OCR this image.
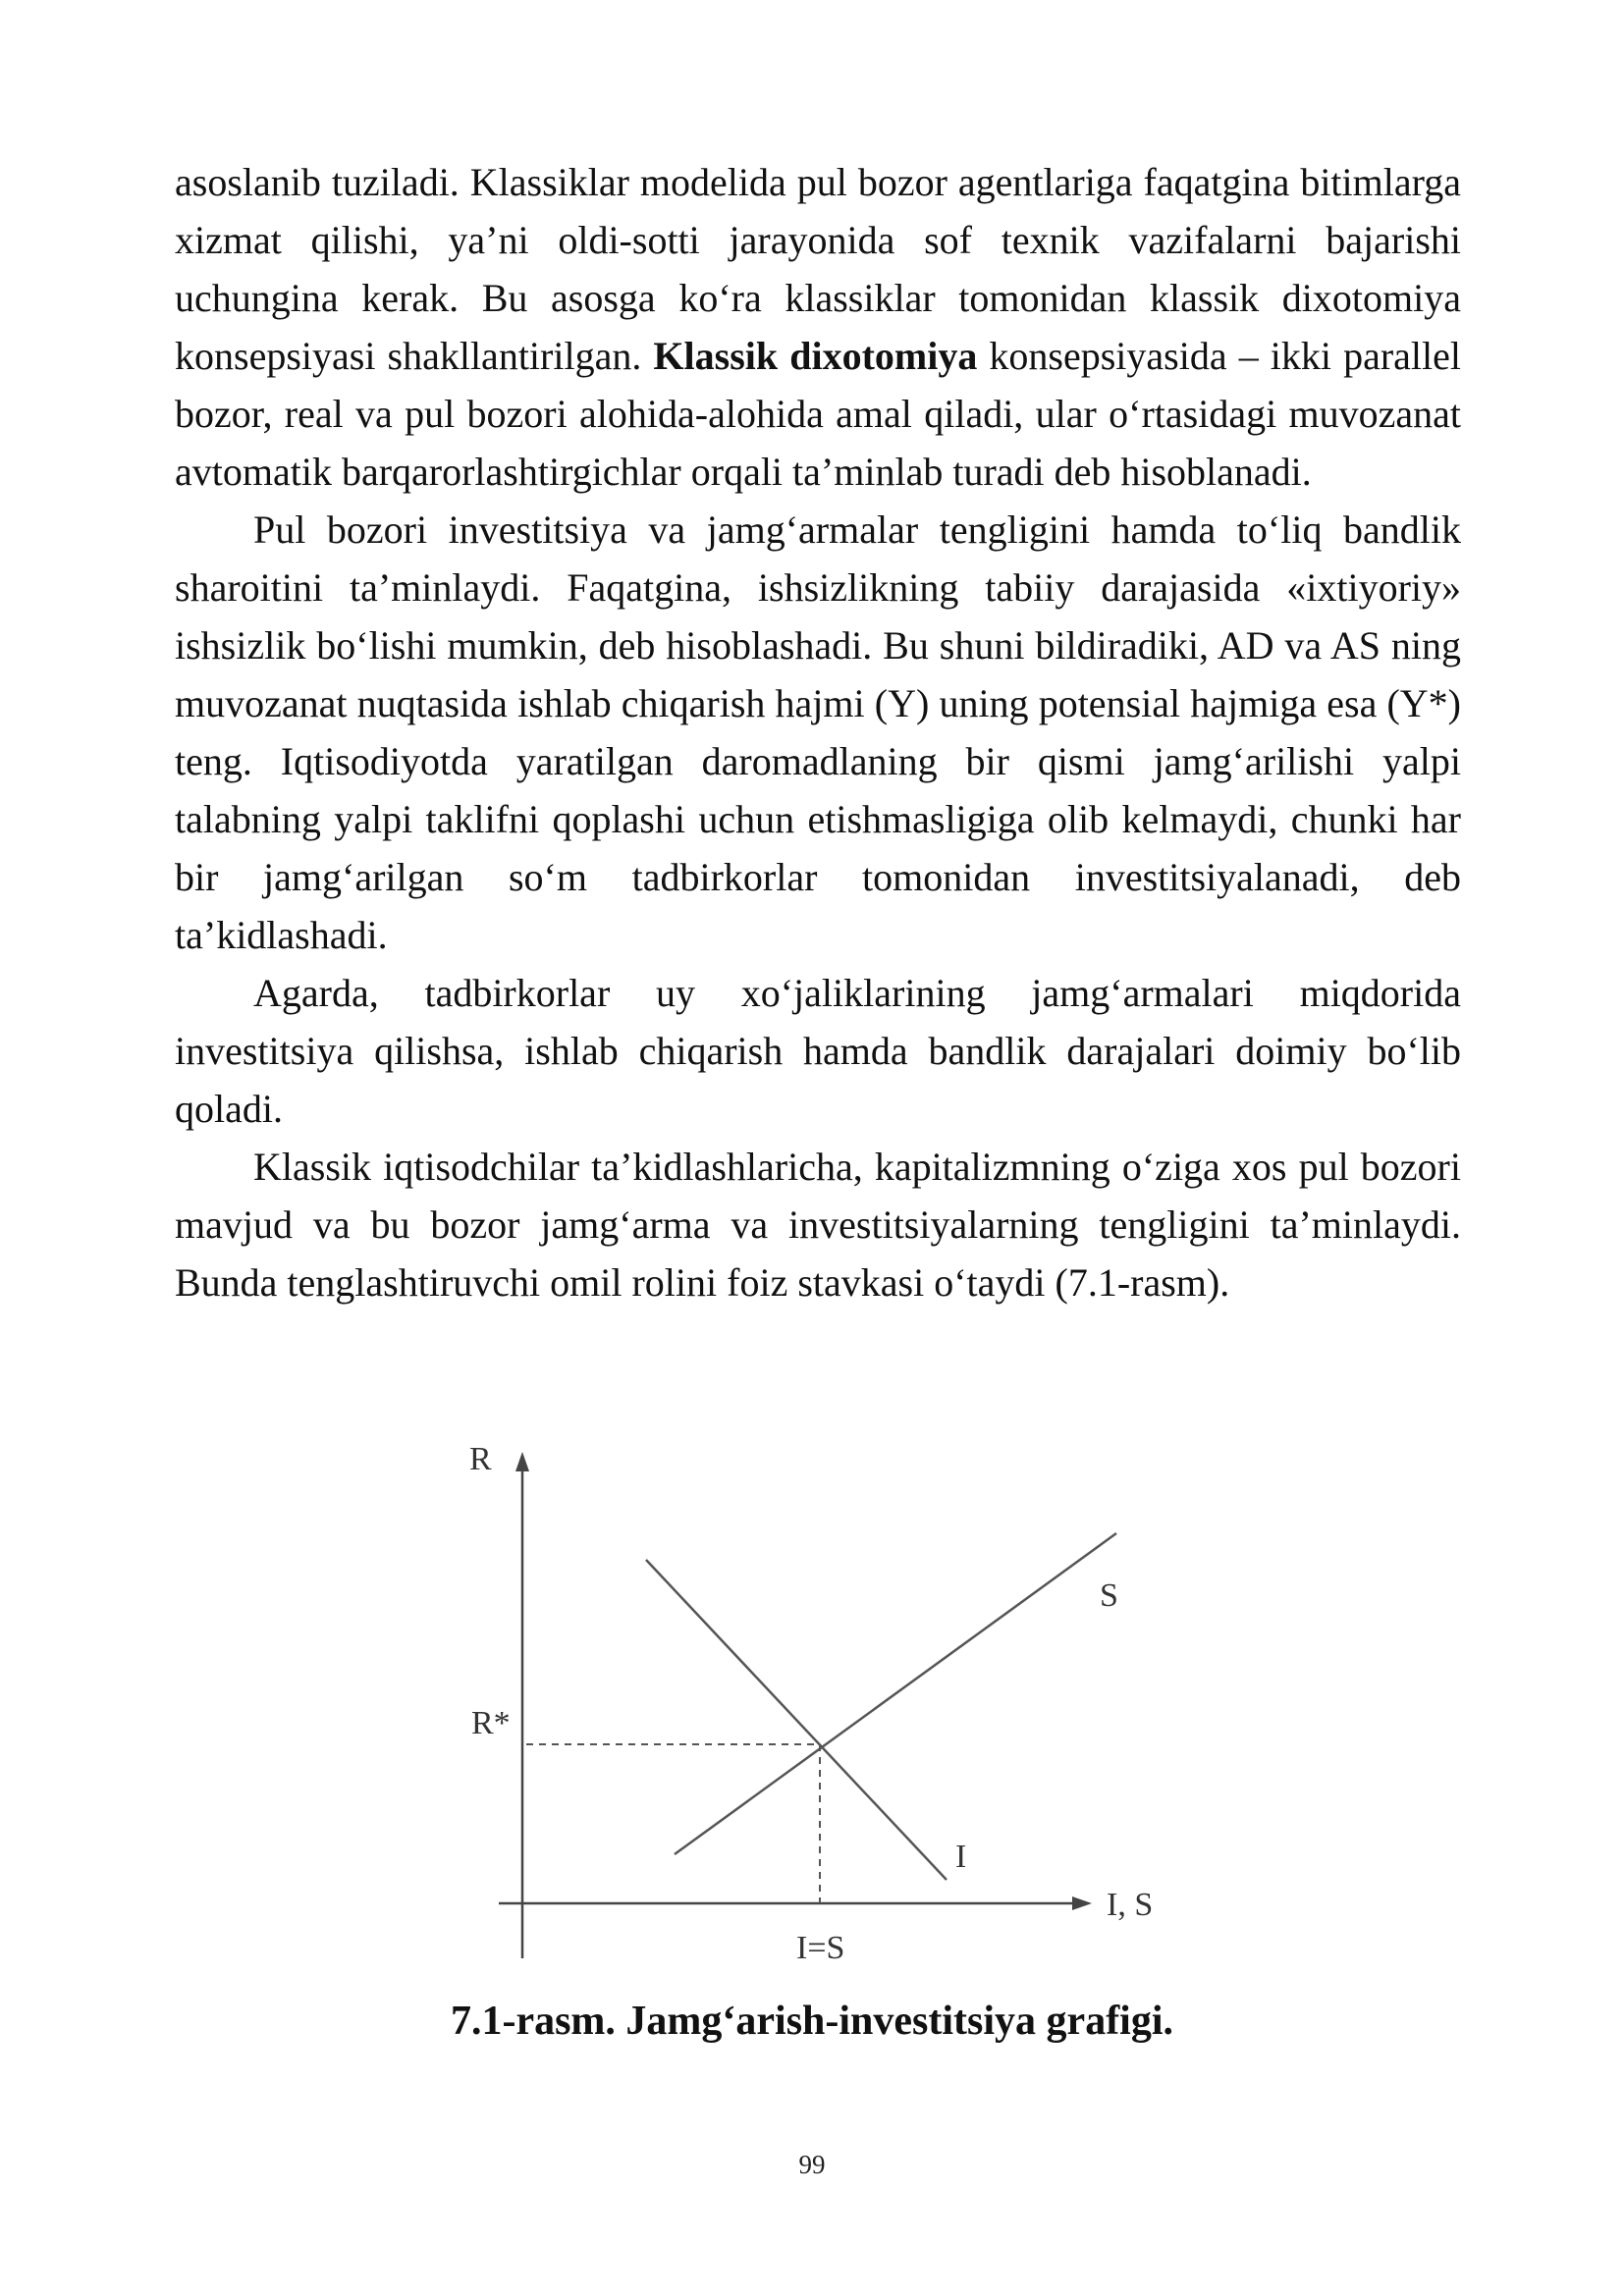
asoslanib tuziladi. Klassiklar modelida pul bozor agentlariga faqatgina bitimlarga xizmat qilishi, ya’ni oldi-sotti jarayonida sof texnik vazifalarni bajarishi uchungina kerak. Bu asosga ko‘ra klassiklar tomonidan klassik dixotomiya konsepsiyasi shakllantirilgan. Klassik dixotomiya konsepsiyasida – ikki parallel bozor, real va pul bozori alohida-alohida amal qiladi, ular o‘rtasidagi muvozanat avtomatik barqarorlashtirgichlar orqali ta’minlab turadi deb hisoblanadi.

Pul bozori investitsiya va jamg‘armalar tengligini hamda to‘liq bandlik sharoitini ta’minlaydi. Faqatgina, ishsizlikning tabiiy darajasida «ixtiyoriy» ishsizlik bo‘lishi mumkin, deb hisoblashadi. Bu shuni bildiradiki, AD va AS ning muvozanat nuqtasida ishlab chiqarish hajmi (Y) uning potensial hajmiga esa (Y*) teng. Iqtisodiyotda yaratilgan daromadlaning bir qismi jamg‘arilishi yalpi talabning yalpi taklifni qoplashi uchun etishmasligiga olib kelmaydi, chunki har bir jamg‘arilgan so‘m tadbirkorlar tomonidan investitsiyalanadi, deb ta’kidlashadi.

Agarda, tadbirkorlar uy xo‘jaliklarining jamg‘armalari miqdorida investitsiya qilishsa, ishlab chiqarish hamda bandlik darajalari doimiy bo‘lib qoladi.

Klassik iqtisodchilar ta’kidlashlaricha, kapitalizmning o‘ziga xos pul bozori mavjud va bu bozor jamg‘arma va investitsiyalarning tengligini ta’minlaydi. Bunda tenglashtiruvchi omil rolini foiz stavkasi o‘taydi (7.1-rasm).

R
I, S
R*
I=S
S
I
7.1-rasm. Jamg‘arish-investitsiya grafigi.
99
